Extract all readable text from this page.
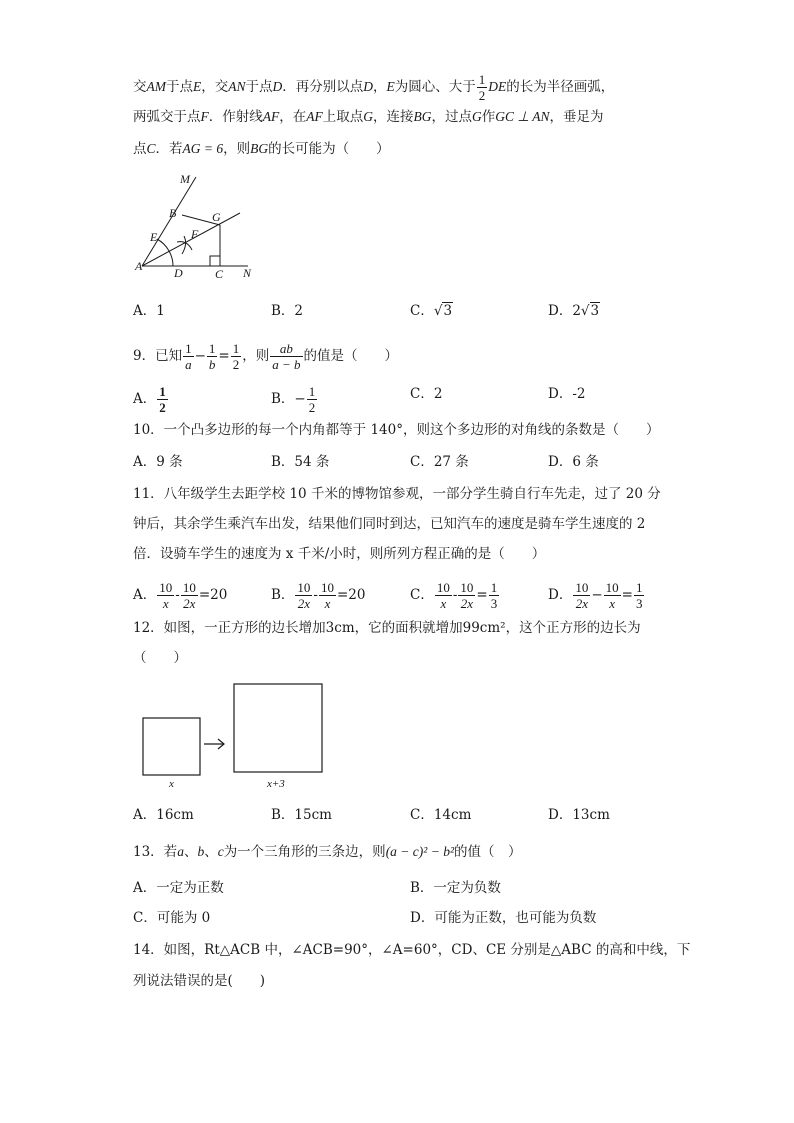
交AM于点E，交AN于点D．再分别以点D，E为圆心、大于 $\frac{1}{2}$ DE的长为半径画弧，
两弧交于点F．作射线AF，在AF上取点G，连接BG，过点G作GC ⊥ AN，垂足为
点C．若AG = 6，则BG的长可能为（　　）
M
B	G
E	F
A	D	C N
A．1	B．2	C．√3	D．2√3
9．已知 $\frac{1}{a} - \frac{1}{b} = \frac{1}{2}$ ，则 $\frac{ab}{a - b}$ 的值是（　　）
A． $\frac{1}{2}$	B．− $\frac{1}{2}$	C．2	D．-2
10．一个凸多边形的每一个内角都等于 140°，则这个多边形的对角线的条数是（　　）
A．9 条	B．54 条	C．27 条	D．6 条
11．八年级学生去距学校 10 千米的博物馆参观，一部分学生骑自行车先走，过了 20 分
钟后，其余学生乘汽车出发，结果他们同时到达，已知汽车的速度是骑车学生速度的 2
倍．设骑车学生的速度为 x 千米/小时，则所列方程正确的是（　　）
A． $\frac{10}{x} - \frac{10}{2x} =20$	B． $\frac{10}{2x} - \frac{10}{x} =20$	C． $\frac{10}{x} - \frac{10}{2x} = \frac{1}{3}$	D． $\frac{10}{2x} - \frac{10}{x} = \frac{1}{3}$
12．如图，一正方形的边长增加3cm，它的面积就增加99cm²，这个正方形的边长为
（　　）
x	x+3
A．16cm	B．15cm	C．14cm	D．13cm
13．若a、b、c为一个三角形的三条边，则(a − c)² − b²的值（　）
A．一定为正数	B．一定为负数
C．可能为 0	D．可能为正数，也可能为负数
14．如图，Rt△ACB 中，∠ACB=90°，∠A=60°，CD、CE 分别是△ABC 的高和中线，下
列说法错误的是(　　)
